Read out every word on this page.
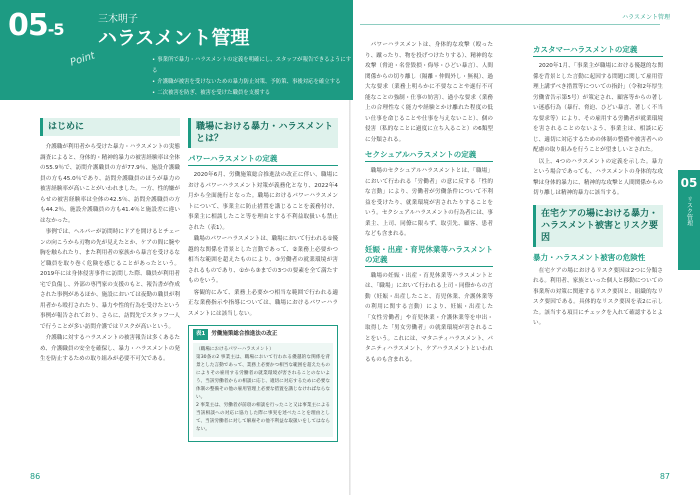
05-5
三木明子
ハラスメント管理
Point
•	事業所で暴力・ハラスメントの定義を明確にし、スタッフが報告できるようにする
• 介護職が被害を受けないための暴力防止対策、予防策、事後対応を確立する
• 二次被害を防ぎ、被害を受けた職員を支援する
ハラスメント管理
はじめに

介護職が利用者から受けた暴力・ハラスメントの実態調査によると、身体的・精神的暴力の被害経験率は全体の55.9％で、訪問介護職員の方が77.9％、施設介護職員の方も45.0％であり、訪問介護職員のほうが暴力の被害経験率が高いことがいわれました。一方、性的嫌がらせの被害経験率は全体の42.5％、訪問介護職員の方も44.2％、施設介護職員の方も41.4％と施設差に違いはなかった。

事例では、ヘルパーが訪問時にドアを開けるとチェーンの向こうから刃物の先が見えたとか、ケアの間に腕や胸を触られたり、また利用者の家族から暴言を受けるなど職員を取り巻く危険を感じることがあったという。2019年には身体侵害事件に訪問した際、職員が利用者宅で負傷し、外部の専門家の支援のもと、報告書が作成された事例があるほか、施設においては夜勤の職員が利用者から殴打されたり、暴力や性的行為を受けたという事例が報告されており、さらに、訪問先でスタッフ一人で行うことが多い訪問介護ではリスクが高いという。

介護職に対するハラスメントの被害報告は多くあるため、介護職員の安全を確保し、暴力・ハラスメントの発生を防止するための取り組みが必要不可欠である。

職場における暴力・ハラスメントとは？
パワーハラスメントの定義

2020年6月、労働施策総合推進法の改正に伴い、職場におけるパワーハラスメント対策が義務化となり、2022年4月から全面施行となった。職場におけるパワーハラスメントについて、事業主に防止措置を講じることを義務付け、事業主に相談したこと等を理由とする不利益取扱いも禁止された（表1）。

職場のパワーハラスメントは、職場において行われる①優越的な関係を背景とした言動であって、②業務上必要かつ相当な範囲を超えたものにより、③労働者の就業環境が害されるものであり、①から③までの3つの要素を全て満たすものをいう。

客観的にみて、業務上必要かつ相当な範囲で行われる適正な業務指示や指導については、職場におけるパワーハラスメントには該当しない。

表1 労働施策総合推進法の改正
（職場におけるパワーハラスメント）
第30条の2 事業主は、職場において行われる優越的な関係を背景とした言動であって、業務上必要かつ相当な範囲を超えたものによりその雇用する労働者の就業環境が害されることのないよう、当該労働者からの相談に応じ、適切に対応するために必要な体制の整備その他の雇用管理上必要な措置を講じなければならない。
2 事業主は、労働者が前項の相談を行ったこと又は事業主による当該相談への対応に協力した際に事実を述べたことを理由として、当該労働者に対して解雇その他不利益な取扱いをしてはならない。

パワーハラスメントは、身体的な攻撃（殴ったり、蹴ったり、物を投げつけたりする）、精神的な攻撃（脅迫・名誉毀損・侮辱・ひどい暴言）、人間関係からの切り離し（隔離・仲間外し・無視）、過大な要求（業務上明らかに不要なことや遂行不可能なことの強制・仕事の妨害）、過小な要求（業務上の合理性なく能力や経験とかけ離れた程度の低い仕事を命じることや仕事を与えないこと）、個の侵害（私的なことに過度に立ち入ること）の6類型に分類される。

セクシュアルハラスメントの定義

職場のセクシュアルハラスメントとは、「職場」において行われる「労働者」の意に反する「性的な言動」により、労働者が労働条件について不利益を受けたり、就業環境が害されたりすることをいう。セクシュアルハラスメントの行為者には、事業主、上司、同僚に限らず、取引先、顧客、患者なども含まれる。

妊娠・出産・育児休業等ハラスメントの定義

職場の妊娠・出産・育児休業等ハラスメントとは、「職場」において行われる上司・同僚からの言動（妊娠・出産したこと、育児休業、介護休業等の利用に関する言動）により、妊娠・出産した「女性労働者」や育児休業・介護休業等を申出・取得した「男女労働者」の就業環境が害されることをいう。これには、マタニティハラスメント、パタニティハラスメント、ケアハラスメントといわれるものも含まれる。

カスタマーハラスメントの定義

2020年1月、「事業主が職場における優越的な関係を背景とした言動に起因する問題に関して雇用管理上講ずべき措置等についての指針」（令和2年厚生労働省告示第5号）が策定され、顧客等からの著しい迷惑行為（暴行、脅迫、ひどい暴言、著しく不当な要求等）により、その雇用する労働者が就業環境を害されることのないよう、事業主は、相談に応じ、適切に対応するための体制の整備や被害者への配慮の取り組みを行うことが望ましいとされた。

以上、4つのハラスメントの定義を示した。暴力という場合であっても、ハラスメントの身体的な攻撃は身体的暴力に、精神的な攻撃と人間関係からの切り離しは精神的暴力に該当する。

在宅ケアの場における暴力・ハラスメント被害とリスク要因
暴力・ハラスメント被害の危険性

在宅ケアの場におけるリスク要因は2つに分類される。利用者、家族といった個人と移動についての事業所の対策に関連するリスク要因と、組織的なリスク要因である。具体的なリスク要因を表2に示した。該当する項目にチェックを入れて確認するとよい。

05
リスク管理
86	87
